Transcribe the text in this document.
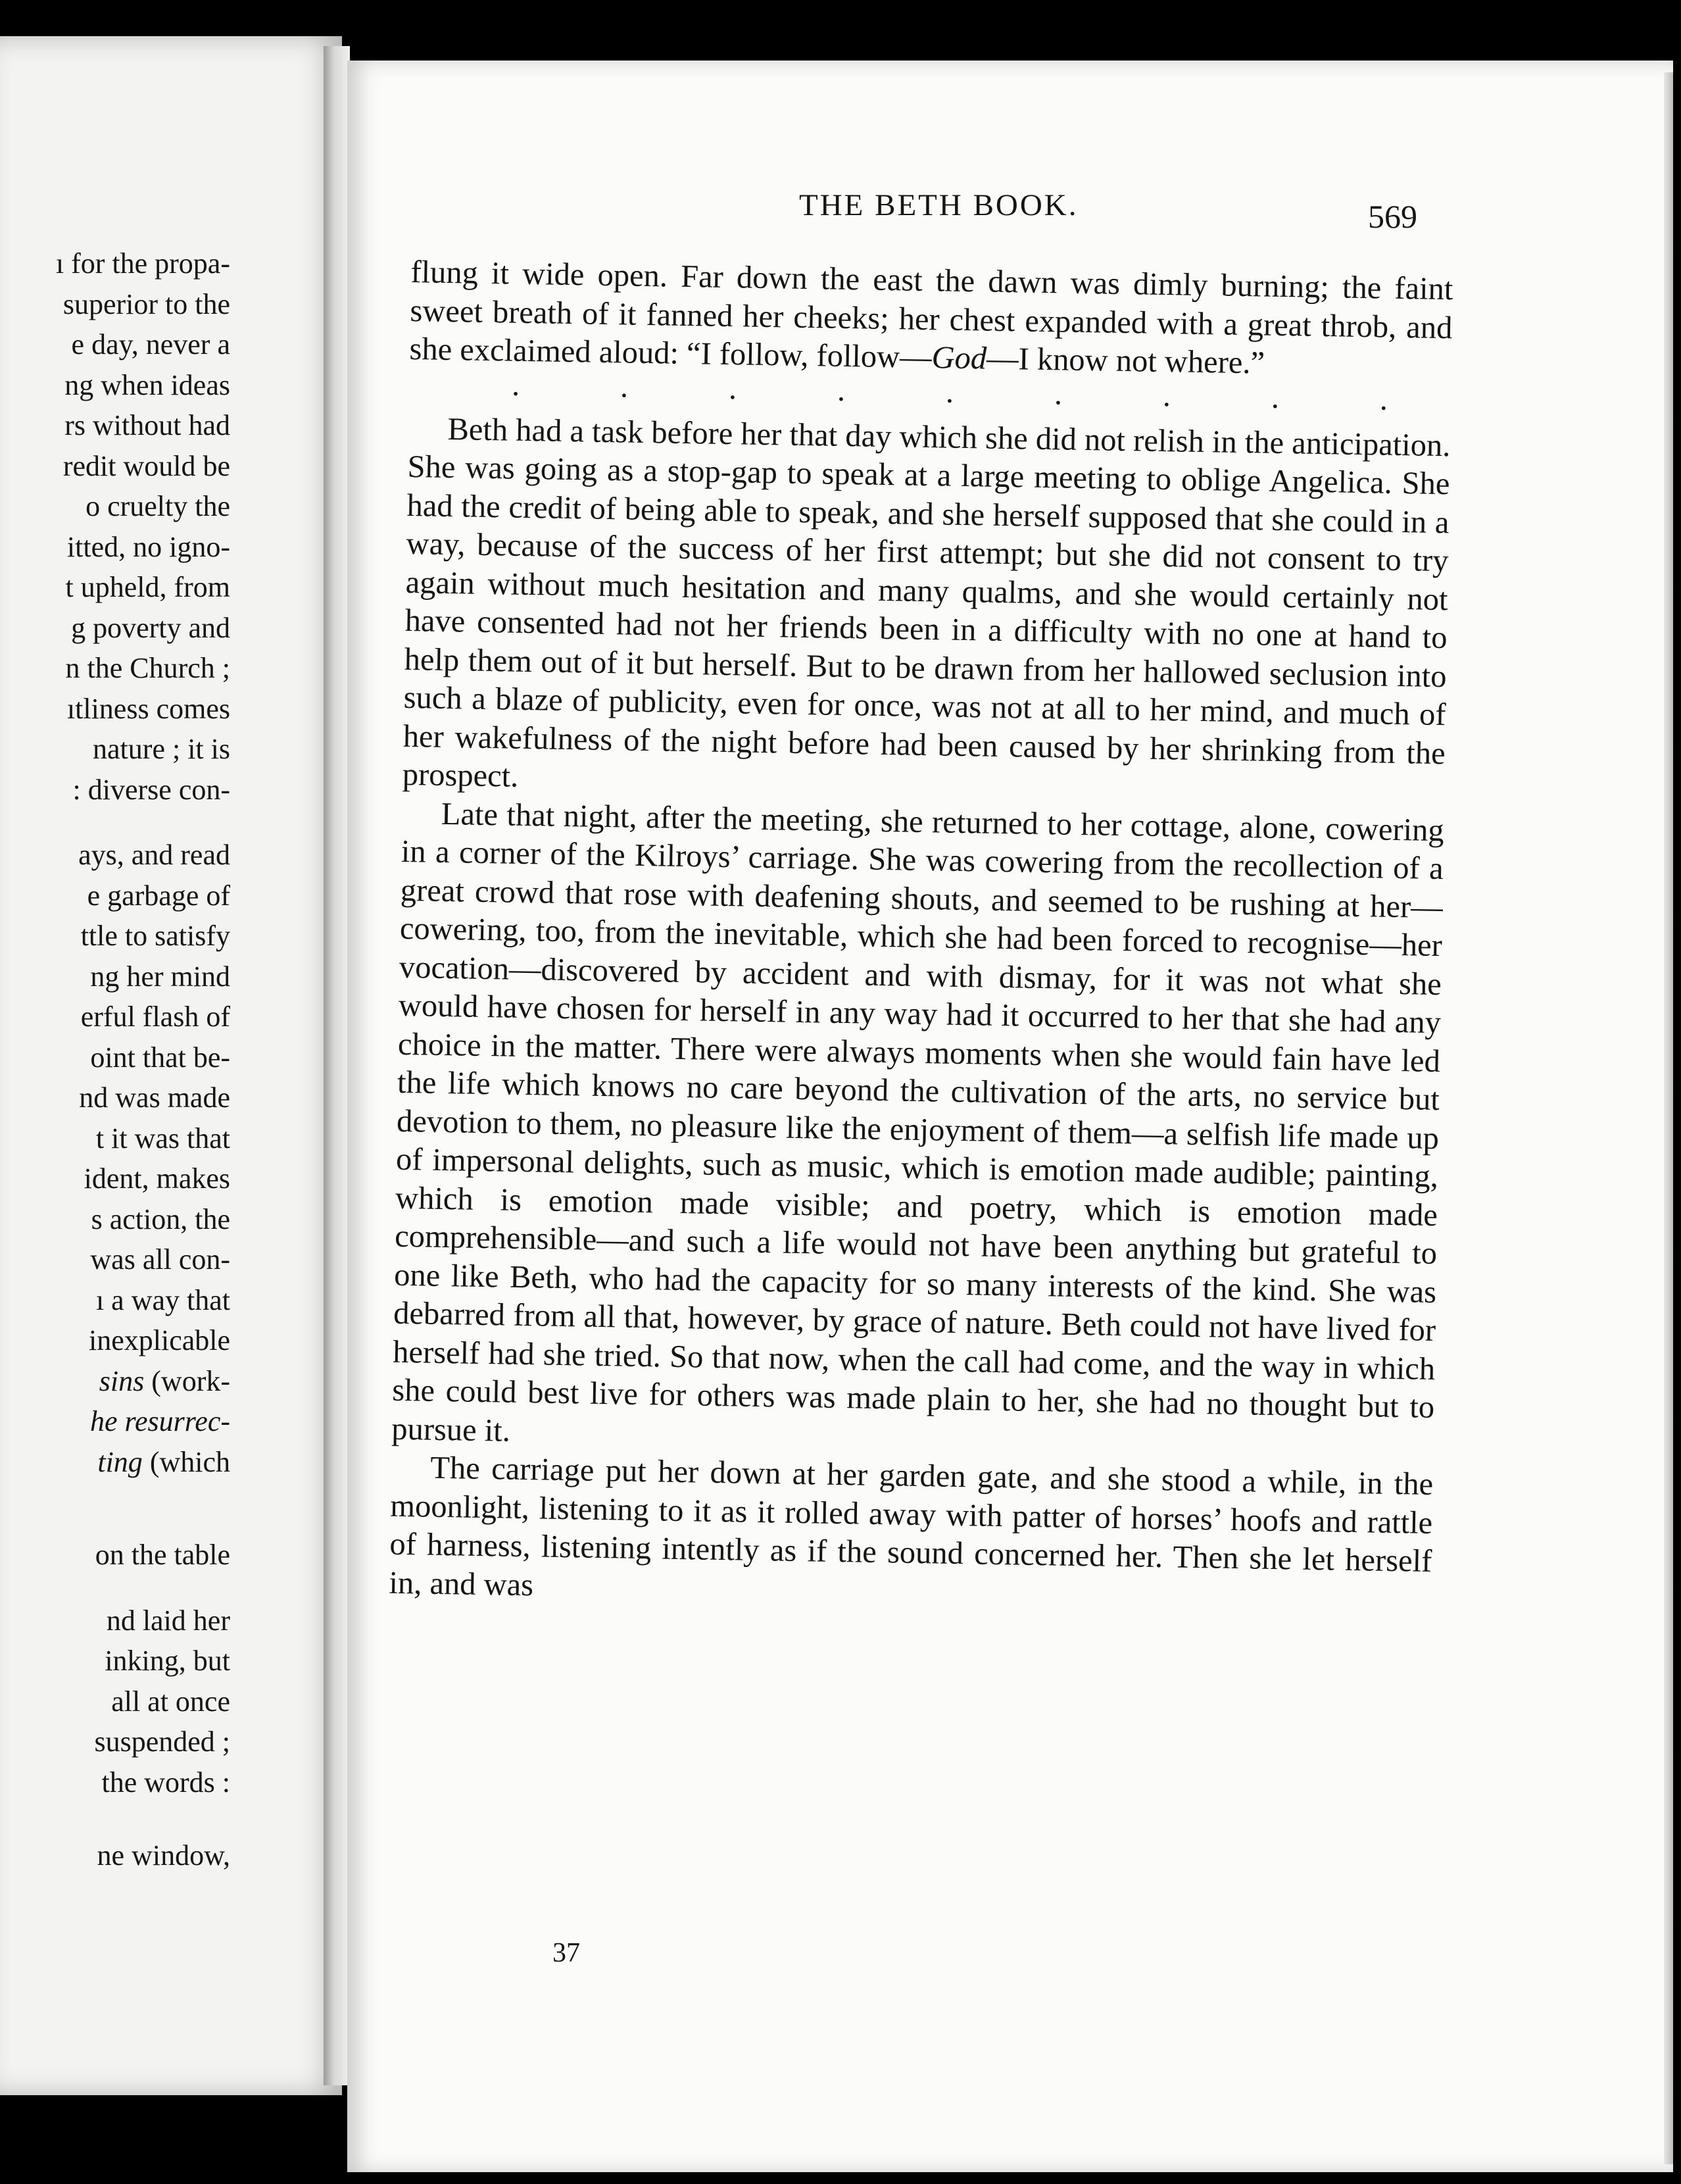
ı for the propa-
superior to the
e day, never a
ng when ideas
rs without had
redit would be
o cruelty the
itted, no igno-
t upheld, from
g poverty and
n the Church ;
ıtliness comes
nature ; it is
: diverse con-
ays, and read
e garbage of
ttle to satisfy
ng her mind
erful flash of
oint that be-
nd was made
t it was that
ident, makes
s action, the
was all con-
ı a way that
inexplicable
sins (work-
he resurrec-
ting (which
on the table
nd laid her
inking, but
all at once
suspended ;
the words :
ne window,
THE BETH BOOK.	569

flung it wide open. Far down the east the dawn was dimly burning; the faint sweet breath of it fanned her cheeks; her chest expanded with a great throb, and she exclaimed aloud: “I follow, follow—God—I know not where.”

.	.	.	.	.	.	.	.	.

Beth had a task before her that day which she did not relish in the anticipation. She was going as a stop-gap to speak at a large meeting to oblige Angelica. She had the credit of being able to speak, and she herself supposed that she could in a way, because of the success of her first attempt; but she did not consent to try again without much hesitation and many qualms, and she would certainly not have consented had not her friends been in a difficulty with no one at hand to help them out of it but herself. But to be drawn from her hallowed seclusion into such a blaze of publicity, even for once, was not at all to her mind, and much of her wakefulness of the night before had been caused by her shrinking from the prospect.

Late that night, after the meeting, she returned to her cottage, alone, cowering in a corner of the Kilroys’ carriage. She was cowering from the recollection of a great crowd that rose with deafening shouts, and seemed to be rushing at her—cowering, too, from the inevitable, which she had been forced to recognise—her vocation—discovered by accident and with dismay, for it was not what she would have chosen for herself in any way had it occurred to her that she had any choice in the matter. There were always moments when she would fain have led the life which knows no care beyond the cultivation of the arts, no service but devotion to them, no pleasure like the enjoyment of them—a selfish life made up of impersonal delights, such as music, which is emotion made audible; painting, which is emotion made visible; and poetry, which is emotion made comprehensible—and such a life would not have been anything but grateful to one like Beth, who had the capacity for so many interests of the kind. She was debarred from all that, however, by grace of nature. Beth could not have lived for herself had she tried. So that now, when the call had come, and the way in which she could best live for others was made plain to her, she had no thought but to pursue it.

The carriage put her down at her garden gate, and she stood a while, in the moonlight, listening to it as it rolled away with patter of horses’ hoofs and rattle of harness, listening intently as if the sound concerned her. Then she let herself in, and was

37
